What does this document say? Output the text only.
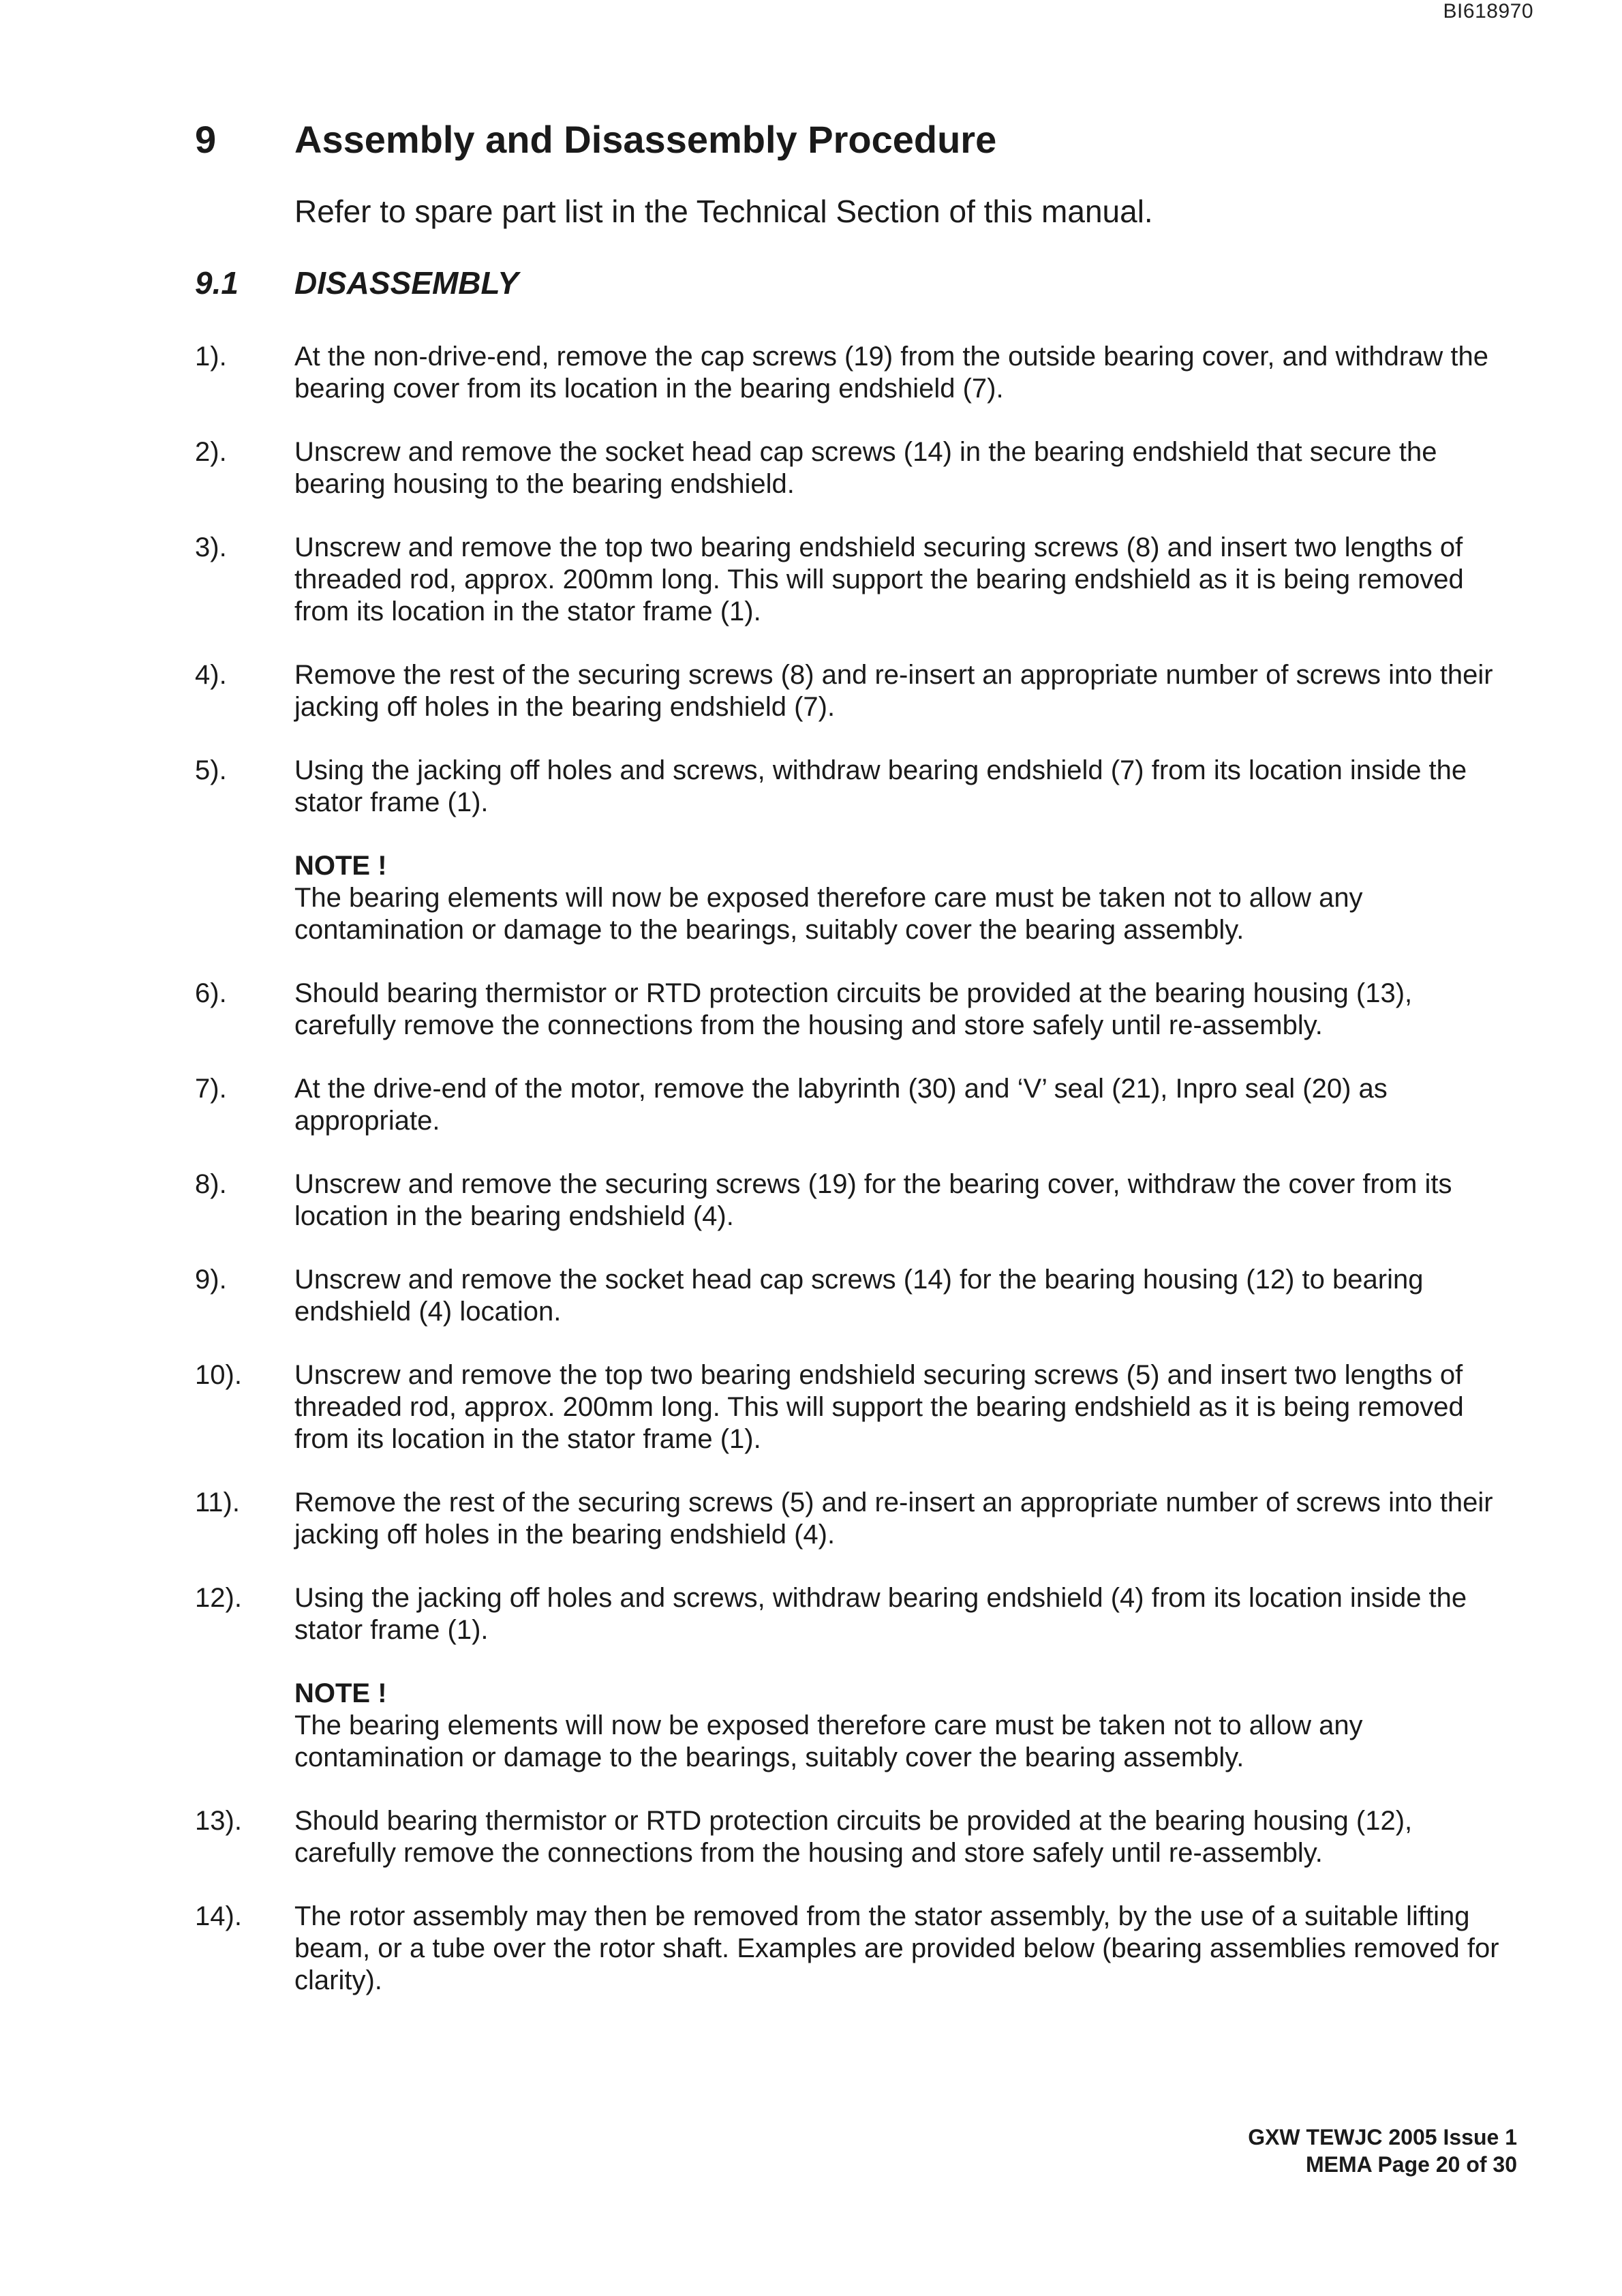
BI618970
9	Assembly and Disassembly Procedure
Refer to spare part list in the Technical Section of this manual.
9.1	DISASSEMBLY
1).	At the non-drive-end, remove the cap screws (19) from the outside bearing cover, and withdraw the bearing cover from its location in the bearing endshield (7).
2).	Unscrew and remove the socket head cap screws (14) in the bearing endshield that secure the bearing housing to the bearing endshield.
3).	Unscrew and remove the top two bearing endshield securing screws (8) and insert two lengths of threaded rod, approx. 200mm long. This will support the bearing endshield as it is being removed from its location in the stator frame (1).
4).	Remove the rest of the securing screws (8) and re-insert an appropriate number of screws into their jacking off holes in the bearing endshield (7).
5).	Using the jacking off holes and screws, withdraw bearing endshield (7) from its location inside the stator frame (1).
NOTE !
The bearing elements will now be exposed therefore care must be taken not to allow any contamination or damage to the bearings, suitably cover the bearing assembly.
6).	Should bearing thermistor or RTD protection circuits be provided at the bearing housing (13), carefully remove the connections from the housing and store safely until re-assembly.
7).	At the drive-end of the motor, remove the labyrinth (30) and ‘V’ seal (21), Inpro seal (20) as appropriate.
8).	Unscrew and remove the securing screws (19) for the bearing cover, withdraw the cover from its location in the bearing endshield (4).
9).	Unscrew and remove the socket head cap screws (14) for the bearing housing (12) to bearing endshield (4) location.
10).	Unscrew and remove the top two bearing endshield securing screws (5) and insert two lengths of threaded rod, approx. 200mm long. This will support the bearing endshield as it is being removed from its location in the stator frame (1).
11).	Remove the rest of the securing screws (5) and re-insert an appropriate number of screws into their jacking off holes in the bearing endshield (4).
12).	Using the jacking off holes and screws, withdraw bearing endshield (4) from its location inside the stator frame (1).
NOTE !
The bearing elements will now be exposed therefore care must be taken not to allow any contamination or damage to the bearings, suitably cover the bearing assembly.
13).	Should bearing thermistor or RTD protection circuits be provided at the bearing housing (12), carefully remove the connections from the housing and store safely until re-assembly.
14).	The rotor assembly may then be removed from the stator assembly, by the use of a suitable lifting beam, or a tube over the rotor shaft. Examples are provided below (bearing assemblies removed for clarity).
GXW TEWJC 2005 Issue 1
MEMA Page 20 of 30
